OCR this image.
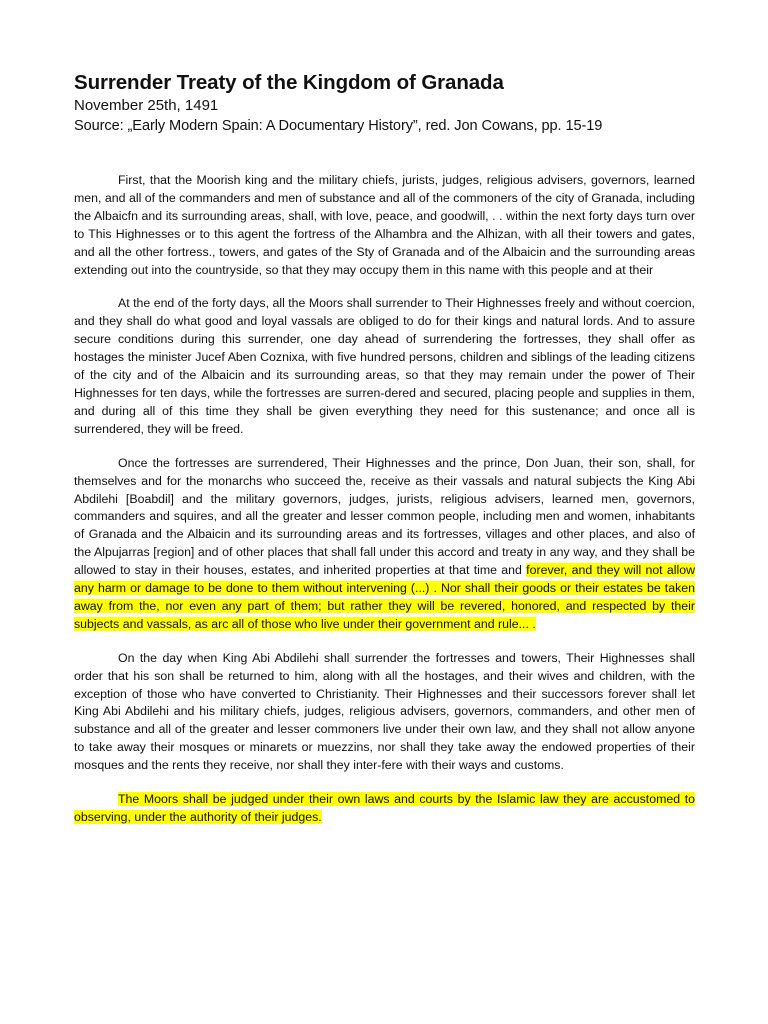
Surrender Treaty of the Kingdom of Granada

November 25th, 1491

Source: „Early Modern Spain: A Documentary History”, red. Jon Cowans, pp. 15-19

First, that the Moorish king and the military chiefs, jurists, judges, religious advisers, governors, learned men, and all of the commanders and men of substance and all of the commoners of the city of Granada, including the Albaicfn and its surrounding areas, shall, with love, peace, and goodwill, . . within the next forty days turn over to This Highnesses or to this agent the fortress of the Alhambra and the Alhizan, with all their towers and gates, and all the other fortress., towers, and gates of the Sty of Granada and of the Albaicin and the surrounding areas extending out into the countryside, so that they may occupy them in this name with this people and at their

At the end of the forty days, all the Moors shall surrender to Their Highnesses freely and without coercion, and they shall do what good and loyal vassals are obliged to do for their kings and natural lords. And to assure secure conditions during this surrender, one day ahead of surrendering the fortresses, they shall offer as hostages the minister Jucef Aben Coznixa, with five hundred persons, children and siblings of the leading citizens of the city and of the Albaicin and its surrounding areas, so that they may remain under the power of Their Highnesses for ten days, while the fortresses are surren-dered and secured, placing people and supplies in them, and during all of this time they shall be given everything they need for this sustenance; and once all is surrendered, they will be freed.

Once the fortresses are surrendered, Their Highnesses and the prince, Don Juan, their son, shall, for themselves and for the monarchs who succeed the, receive as their vassals and natural subjects the King Abi Abdilehi [Boabdil] and the military governors, judges, jurists, religious advisers, learned men, governors, commanders and squires, and all the greater and lesser common people, including men and women, inhabitants of Granada and the Albaicin and its surrounding areas and its fortresses, villages and other places, and also of the Alpujarras [region] and of other places that shall fall under this accord and treaty in any way, and they shall be allowed to stay in their houses, estates, and inherited properties at that time and forever, and they will not allow any harm or damage to be done to them without intervening (...) . Nor shall their goods or their estates be taken away from the, nor even any part of them; but rather they will be revered, honored, and respected by their subjects and vassals, as arc all of those who live under their government and rule... .

On the day when King Abi Abdilehi shall surrender the fortresses and towers, Their Highnesses shall order that his son shall be returned to him, along with all the hostages, and their wives and children, with the exception of those who have converted to Christianity. Their Highnesses and their successors forever shall let King Abi Abdilehi and his military chiefs, judges, religious advisers, governors, commanders, and other men of substance and all of the greater and lesser commoners live under their own law, and they shall not allow anyone to take away their mosques or minarets or muezzins, nor shall they take away the endowed properties of their mosques and the rents they receive, nor shall they inter-fere with their ways and customs.

The Moors shall be judged under their own laws and courts by the Islamic law they are accustomed to observing, under the authority of their judges.
